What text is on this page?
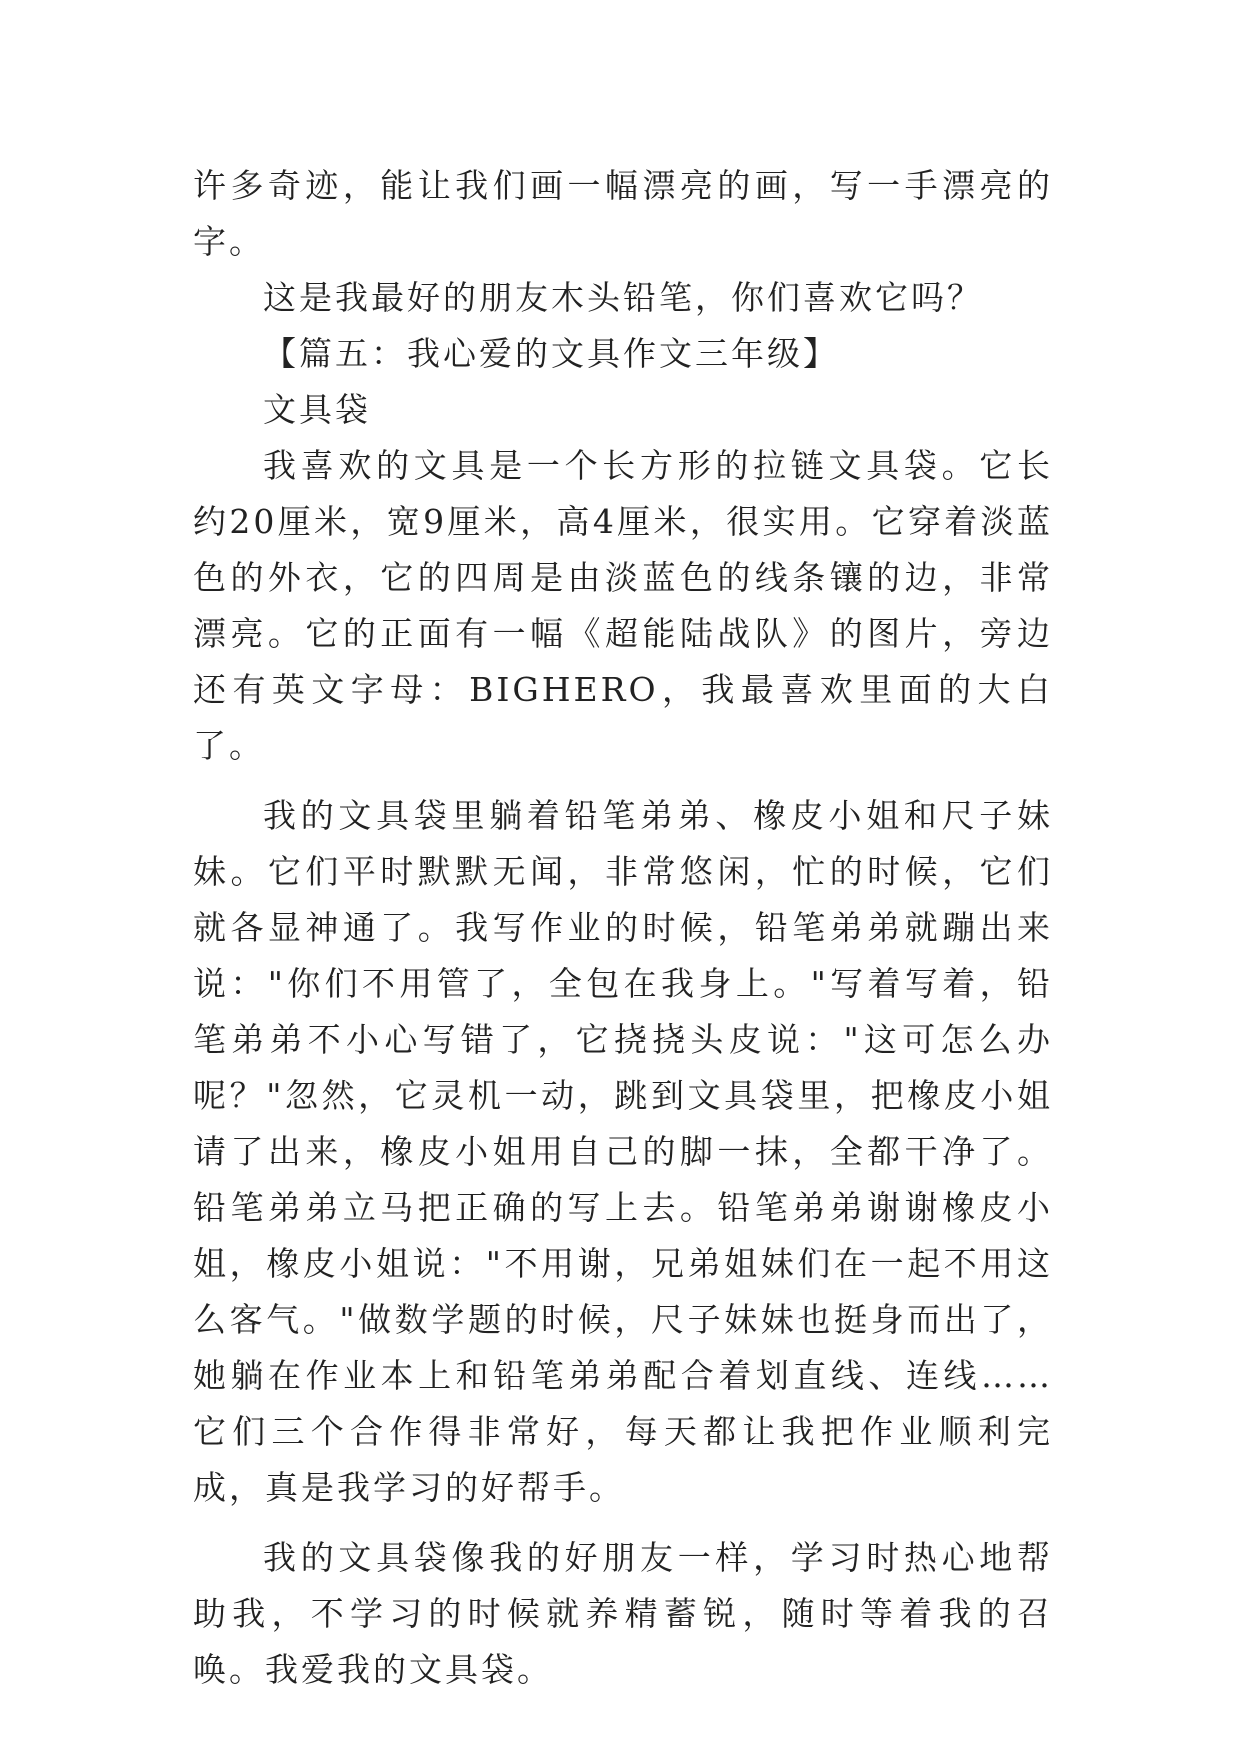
许多奇迹，能让我们画一幅漂亮的画，写一手漂亮的字。

这是我最好的朋友木头铅笔，你们喜欢它吗？

【篇五：我心爱的文具作文三年级】

文具袋

我喜欢的文具是一个长方形的拉链文具袋。它长约20厘米，宽9厘米，高4厘米，很实用。它穿着淡蓝色的外衣，它的四周是由淡蓝色的线条镶的边，非常漂亮。它的正面有一幅《超能陆战队》的图片，旁边还有英文字母：BIGHERO，我最喜欢里面的大白了。

我的文具袋里躺着铅笔弟弟、橡皮小姐和尺子妹妹。它们平时默默无闻，非常悠闲，忙的时候，它们就各显神通了。我写作业的时候，铅笔弟弟就蹦出来说："你们不用管了，全包在我身上。"写着写着，铅笔弟弟不小心写错了，它挠挠头皮说："这可怎么办呢？"忽然，它灵机一动，跳到文具袋里，把橡皮小姐请了出来，橡皮小姐用自己的脚一抹，全都干净了。铅笔弟弟立马把正确的写上去。铅笔弟弟谢谢橡皮小姐，橡皮小姐说："不用谢，兄弟姐妹们在一起不用这么客气。"做数学题的时候，尺子妹妹也挺身而出了，她躺在作业本上和铅笔弟弟配合着划直线、连线……它们三个合作得非常好，每天都让我把作业顺利完成，真是我学习的好帮手。

我的文具袋像我的好朋友一样，学习时热心地帮助我，不学习的时候就养精蓄锐，随时等着我的召唤。我爱我的文具袋。
